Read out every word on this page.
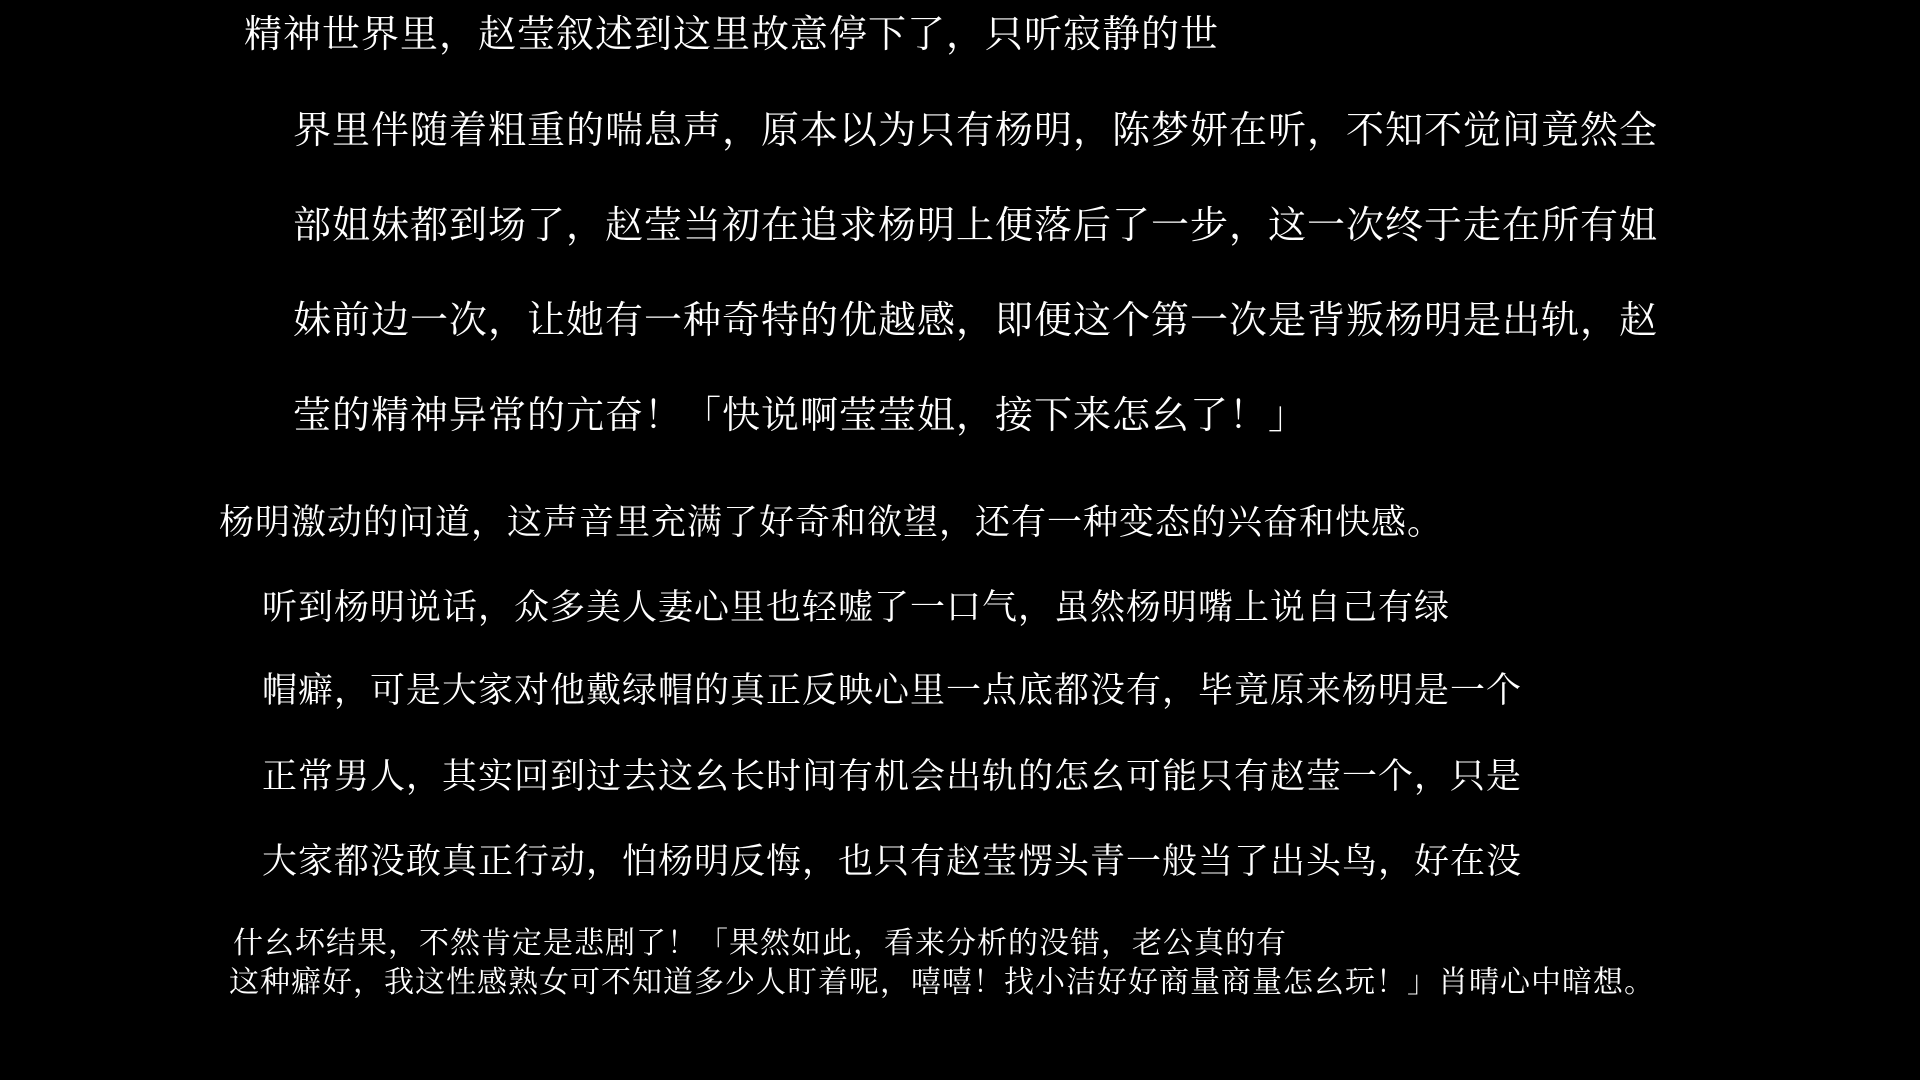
精神世界里，赵莹叙述到这里故意停下了，只听寂静的世
界里伴随着粗重的喘息声，原本以为只有杨明，陈梦妍在听，不知不觉间竟然全
部姐妹都到场了，赵莹当初在追求杨明上便落后了一步，这一次终于走在所有姐
妹前边一次，让她有一种奇特的优越感，即便这个第一次是背叛杨明是出轨，赵
莹的精神异常的亢奋！「快说啊莹莹姐，接下来怎幺了！」
杨明激动的问道，这声音里充满了好奇和欲望，还有一种变态的兴奋和快感。
听到杨明说话，众多美人妻心里也轻嘘了一口气，虽然杨明嘴上说自己有绿
帽癖，可是大家对他戴绿帽的真正反映心里一点底都没有，毕竟原来杨明是一个
正常男人，其实回到过去这幺长时间有机会出轨的怎幺可能只有赵莹一个，只是
大家都没敢真正行动，怕杨明反悔，也只有赵莹愣头青一般当了出头鸟，好在没
什幺坏结果，不然肯定是悲剧了！「果然如此，看来分析的没错，老公真的有
这种癖好，我这性感熟女可不知道多少人盯着呢，嘻嘻！找小洁好好商量商量怎幺玩！」肖晴心中暗想。
